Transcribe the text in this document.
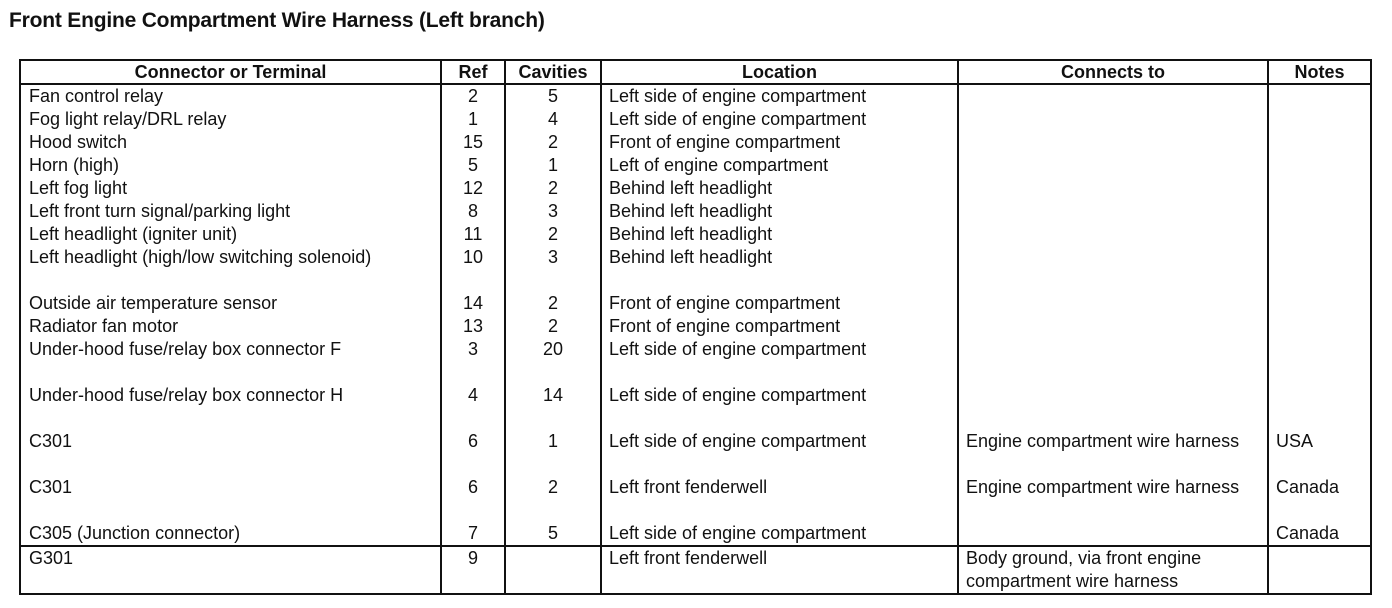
Front Engine Compartment Wire Harness (Left branch)
Connector or Terminal	Ref	Cavities	Location	Connects to	Notes
Fan control relay	2	5	Left side of engine compartment		
Fog light relay/DRL relay	1	4	Left side of engine compartment		
Hood switch	15	2	Front of engine compartment		
Horn (high)	5	1	Left of engine compartment		
Left fog light	12	2	Behind left headlight		
Left front turn signal/parking light	8	3	Behind left headlight		
Left headlight (igniter unit)	11	2	Behind left headlight		
Left headlight (high/low switching solenoid)	10	3	Behind left headlight		
Outside air temperature sensor	14	2	Front of engine compartment		
Radiator fan motor	13	2	Front of engine compartment		
Under-hood fuse/relay box connector F	3	20	Left side of engine compartment		
Under-hood fuse/relay box connector H	4	14	Left side of engine compartment		
C301	6	1	Left side of engine compartment	Engine compartment wire harness	USA
C301	6	2	Left front fenderwell	Engine compartment wire harness	Canada
C305 (Junction connector)	7	5	Left side of engine compartment		Canada
G301	9		Left front fenderwell	Body ground, via front engine compartment wire harness	
